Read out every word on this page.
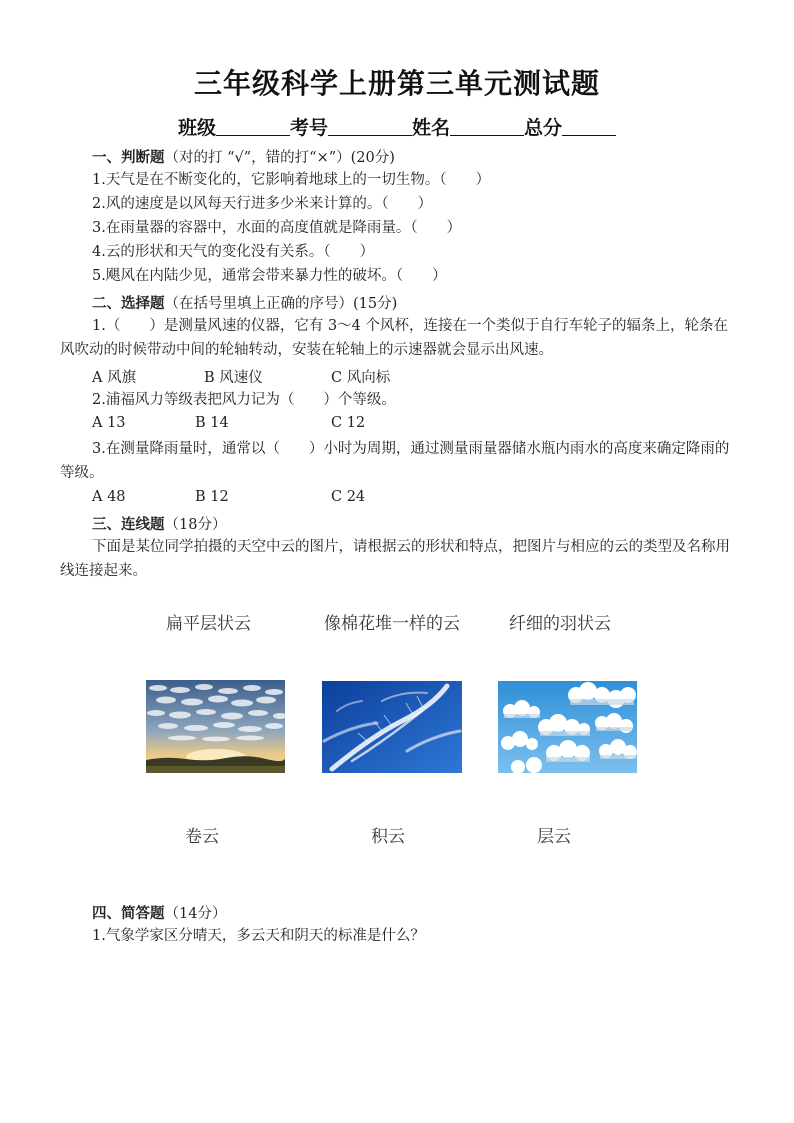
三年级科学上册第三单元测试题
班级	考号	姓名	总分
一、判断题（对的打 “√”，错的打“×”）(20分)
1.天气是在不断变化的，它影响着地球上的一切生物。（　　）
2.风的速度是以风每天行进多少米来计算的。（　　）
3.在雨量器的容器中，水面的高度值就是降雨量。（　　）
4.云的形状和天气的变化没有关系。（　　）
5.飓风在内陆少见，通常会带来暴力性的破坏。（　　）
二、选择题（在括号里填上正确的序号）(15分)
1.（　　）是测量风速的仪器，它有 3～4 个风杯，连接在一个类似于自行车轮子的辐条上，轮条在风吹动的时候带动中间的轮轴转动，安装在轮轴上的示速器就会显示出风速。
A 风旗	B 风速仪	C 风向标
2.浦福风力等级表把风力记为（　　）个等级。
A 13	B 14	C 12
3.在测量降雨量时，通常以（　　）小时为周期，通过测量雨量器储水瓶内雨水的高度来确定降雨的等级。
A 48	B 12	C 24
三、连线题（18分）
下面是某位同学拍摄的天空中云的图片，请根据云的形状和特点，把图片与相应的云的类型及名称用线连接起来。
扁平层状云	像棉花堆一样的云	纤细的羽状云
卷云	积云	层云
四、简答题（14分）
1.气象学家区分晴天，多云天和阴天的标准是什么？
